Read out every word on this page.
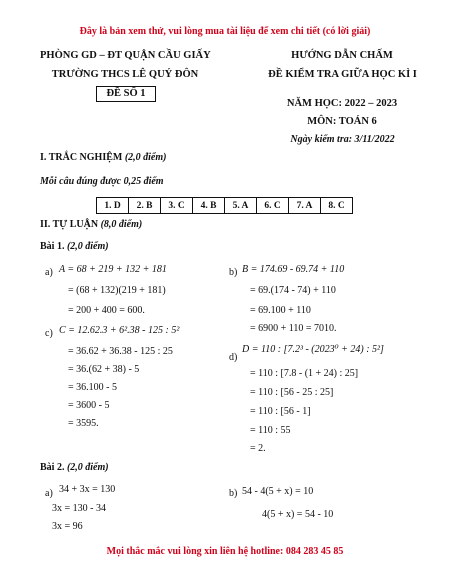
Đây là bản xem thử, vui lòng mua tài liệu để xem chi tiết (có lời giải)
PHÒNG GD – ĐT QUẬN CẦU GIẤY
TRƯỜNG THCS LÊ QUÝ ĐÔN
ĐỀ SỐ 1
HƯỚNG DẪN CHẤM
ĐỀ KIỂM TRA GIỮA HỌC KÌ I
NĂM HỌC: 2022 – 2023
MÔN: TOÁN 6
Ngày kiểm tra: 3/11/2022
I. TRẮC NGHIỆM (2,0 điểm)
Mỗi câu đúng được 0,25 điểm
1. D	2. B	3. C	4. B	5. A	6. C	7. A	8. C
II. TỰ LUẬN (8,0 điểm)
Bài 1. (2,0 điểm)
a) A = 68 + 219 + 132 + 181
= (68 + 132)(219 + 181)
= 200 + 400 = 600.
b) B = 174.69 - 69.74 + 110
= 69.(174 - 74) + 110
= 69.100 + 110
= 6900 + 110 = 7010.
c) C = 12.62.3 + 6².38 - 125 : 5²
= 36.62 + 36.38 - 125 : 25
= 36.(62 + 38) - 5
= 36.100 - 5
= 3600 - 5
= 3595.
d)
D = 110 : [7.2³ - (2023⁰ + 24) : 5²]
= 110 : [7.8 - (1 + 24) : 25]
= 110 : [56 - 25 : 25]
= 110 : [56 - 1]
= 110 : 55
= 2.
Bài 2. (2,0 điểm)
a) 34 + 3x = 130
3x = 130 - 34
3x = 96
b) 54 - 4(5 + x) = 10
4(5 + x) = 54 - 10
Mọi thắc mắc vui lòng xin liên hệ hotline: 084 283 45 85
